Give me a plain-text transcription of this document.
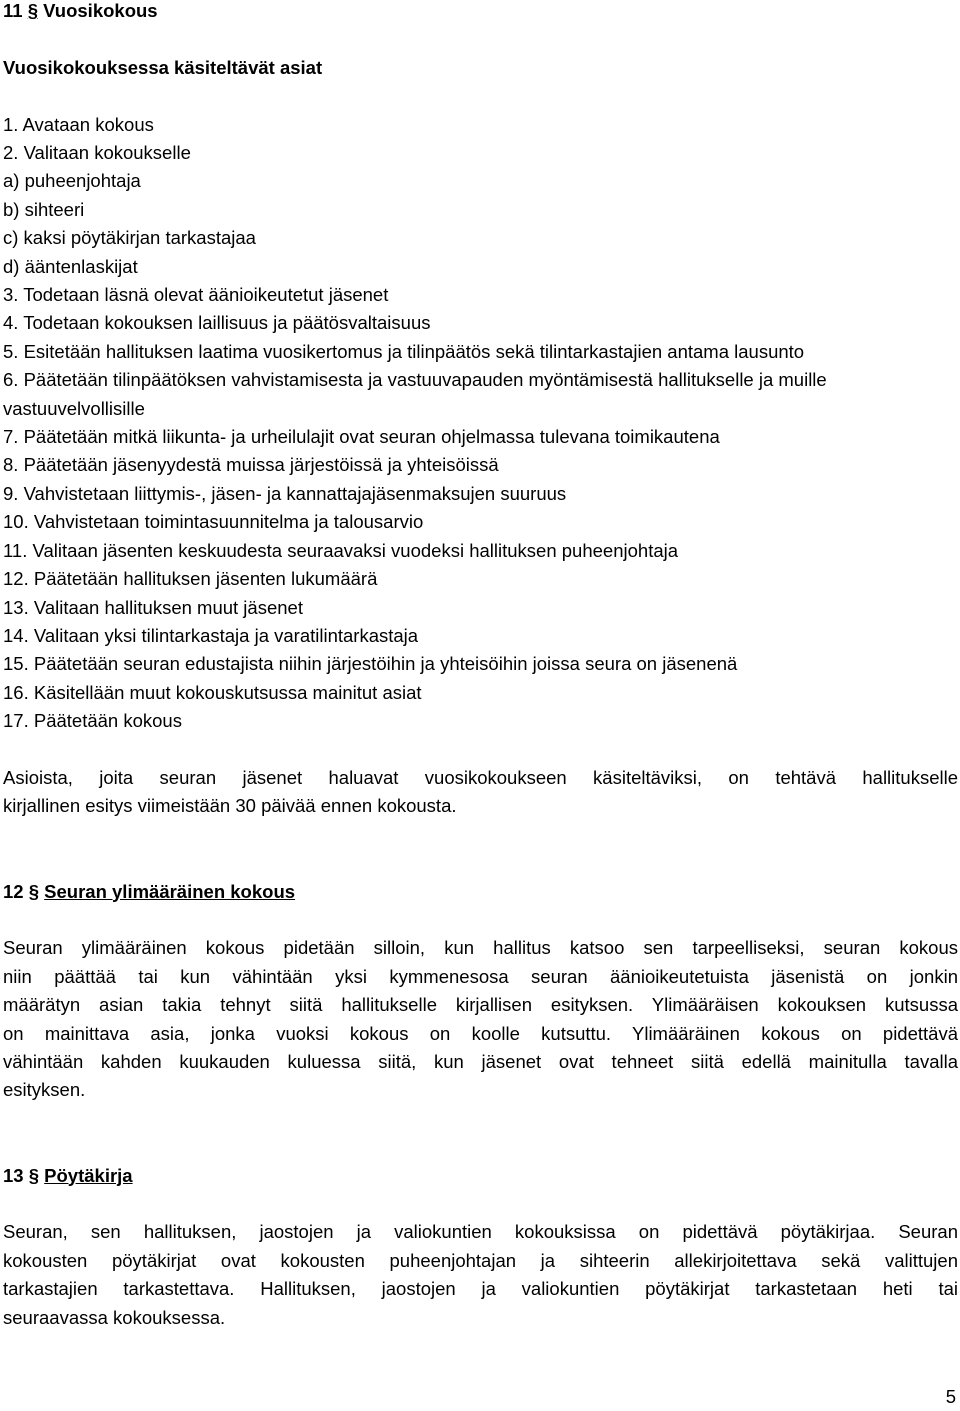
11 § Vuosikokous
Vuosikokouksessa käsiteltävät asiat
1. Avataan kokous
2. Valitaan kokoukselle
a) puheenjohtaja
b) sihteeri
c) kaksi pöytäkirjan tarkastajaa
d) ääntenlaskijat
3. Todetaan läsnä olevat äänioikeutetut jäsenet
4. Todetaan kokouksen laillisuus ja päätösvaltaisuus
5. Esitetään hallituksen laatima vuosikertomus ja tilinpäätös sekä tilintarkastajien antama lausunto
6. Päätetään tilinpäätöksen vahvistamisesta ja vastuuvapauden myöntämisestä hallitukselle ja muille
vastuuvelvollisille
7. Päätetään mitkä liikunta- ja urheilulajit ovat seuran ohjelmassa tulevana toimikautena
8. Päätetään jäsenyydestä muissa järjestöissä ja yhteisöissä
9. Vahvistetaan liittymis-, jäsen- ja kannattajajäsenmaksujen suuruus
10. Vahvistetaan toimintasuunnitelma ja talousarvio
11. Valitaan jäsenten keskuudesta seuraavaksi vuodeksi hallituksen puheenjohtaja
12. Päätetään hallituksen jäsenten lukumäärä
13. Valitaan hallituksen muut jäsenet
14. Valitaan yksi tilintarkastaja ja varatilintarkastaja
15. Päätetään seuran edustajista niihin järjestöihin ja yhteisöihin joissa seura on jäsenenä
16. Käsitellään muut kokouskutsussa mainitut asiat
17. Päätetään kokous
Asioista, joita seuran jäsenet haluavat vuosikokoukseen käsiteltäviksi, on tehtävä hallitukselle
kirjallinen esitys viimeistään 30 päivää ennen kokousta.
12 § Seuran ylimääräinen kokous
Seuran ylimääräinen kokous pidetään silloin, kun hallitus katsoo sen tarpeelliseksi, seuran kokous
niin päättää tai kun vähintään yksi kymmenesosa seuran äänioikeutetuista jäsenistä on jonkin
määrätyn asian takia tehnyt siitä hallitukselle kirjallisen esityksen. Ylimääräisen kokouksen kutsussa
on mainittava asia, jonka vuoksi kokous on koolle kutsuttu. Ylimääräinen kokous on pidettävä
vähintään kahden kuukauden kuluessa siitä, kun jäsenet ovat tehneet siitä edellä mainitulla tavalla
esityksen.
13 § Pöytäkirja
Seuran, sen hallituksen, jaostojen ja valiokuntien kokouksissa on pidettävä pöytäkirjaa. Seuran
kokousten pöytäkirjat ovat kokousten puheenjohtajan ja sihteerin allekirjoitettava sekä valittujen
tarkastajien tarkastettava. Hallituksen, jaostojen ja valiokuntien pöytäkirjat tarkastetaan heti tai
seuraavassa kokouksessa.
5
